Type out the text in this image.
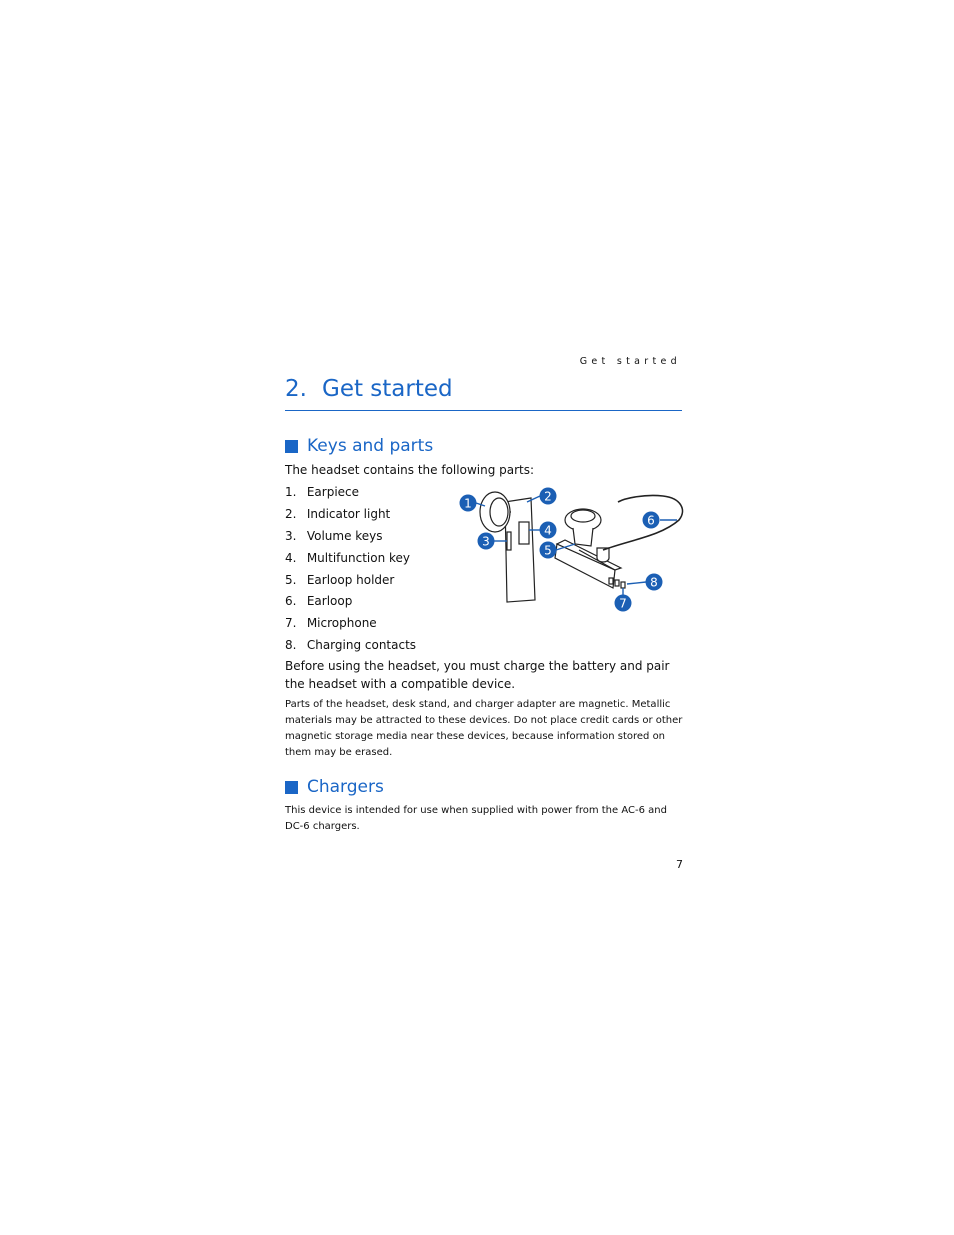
Get started
2. Get started
Keys and parts

The headset contains the following parts:

1. Earpiece
2. Indicator light
3. Volume keys
4. Multifunction key
5. Earloop holder
6. Earloop
7. Microphone
8. Charging contacts
1	2
3
4
5
6
7
8

Before using the headset, you must charge the battery and pair the headset with a compatible device.

Parts of the headset, desk stand, and charger adapter are magnetic. Metallic materials may be attracted to these devices. Do not place credit cards or other magnetic storage media near these devices, because information stored on them may be erased.

Chargers

This device is intended for use when supplied with power from the AC-6 and DC-6 chargers.

7
